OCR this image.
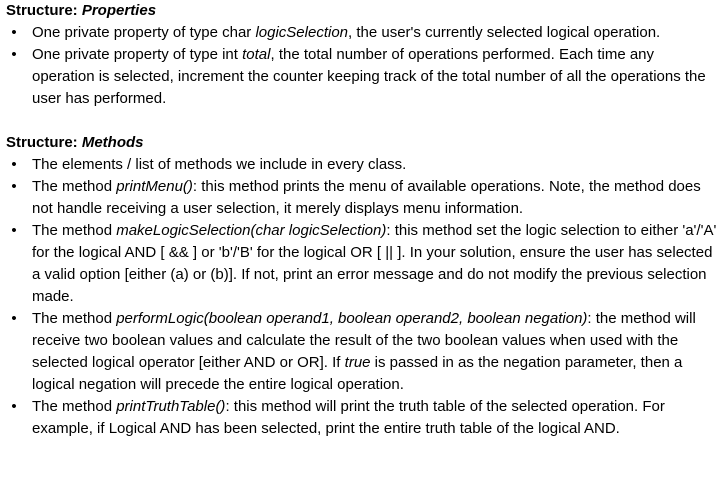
Structure: Properties
• One private property of type char logicSelection, the user's currently selected logical operation.
• One private property of type int total, the total number of operations performed. Each time any operation is selected, increment the counter keeping track of the total number of all the operations the user has performed.
Structure: Methods
• The elements / list of methods we include in every class.
• The method printMenu(): this method prints the menu of available operations. Note, the method does not handle receiving a user selection, it merely displays menu information.
• The method makeLogicSelection(char logicSelection): this method set the logic selection to either 'a'/'A' for the logical AND [ && ] or 'b'/'B' for the logical OR [ || ]. In your solution, ensure the user has selected a valid option [either (a) or (b)]. If not, print an error message and do not modify the previous selection made.
• The method performLogic(boolean operand1, boolean operand2, boolean negation): the method will receive two boolean values and calculate the result of the two boolean values when used with the selected logical operator [either AND or OR]. If true is passed in as the negation parameter, then a logical negation will precede the entire logical operation.
• The method printTruthTable(): this method will print the truth table of the selected operation. For example, if Logical AND has been selected, print the entire truth table of the logical AND.
